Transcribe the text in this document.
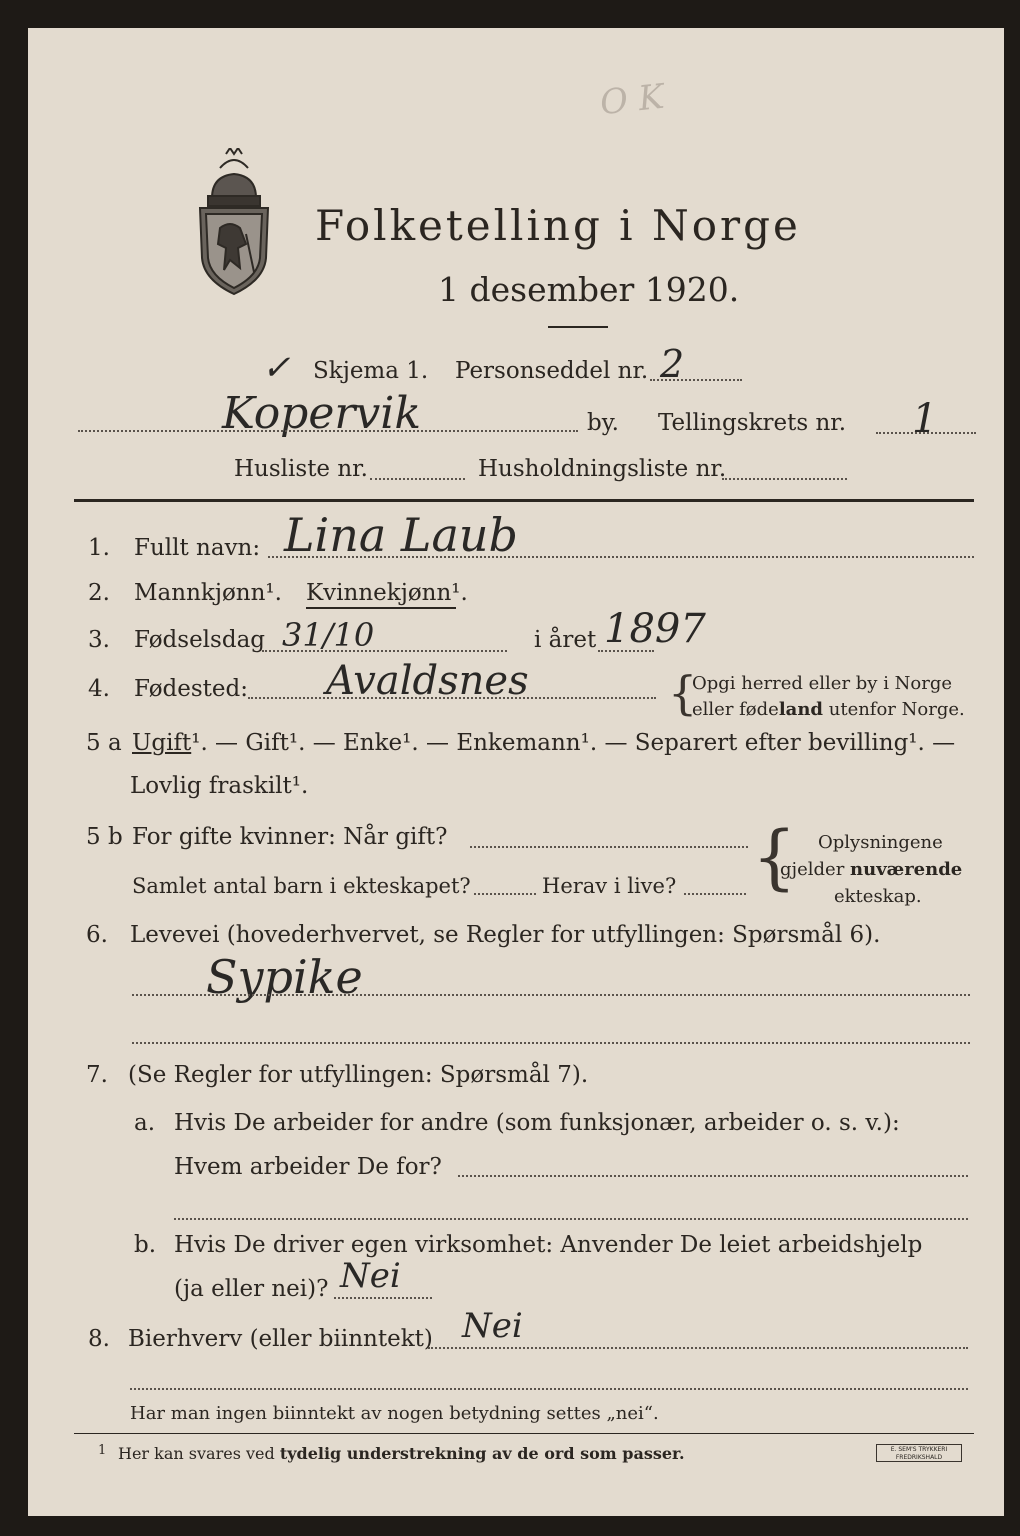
O K
Folketelling i Norge
1 desember 1920.
✓ Skjema 1. Personseddel nr. 2
Kopervik	by. Tellingskrets nr. 1
Husliste nr.	Husholdningsliste nr.
1. Fullt navn: Lina Laub
2. Mannkjønn¹. Kvinnekjønn¹.
3. Fødselsdag 31/10	i året 1897
4. Fødested: Avaldsnes	{
Opgi herred eller by i Norge
eller fødeland utenfor Norge.
5 a Ugift¹. — Gift¹. — Enke¹. — Enkemann¹. — Separert efter bevilling¹. —
Lovlig fraskilt¹.
5 b For gifte kvinner: Når gift?
Samlet antal barn i ekteskapet?	Herav i live? { Oplysningene
gjelder nuværende
ekteskap.
6. Levevei (hovederhvervet, se Regler for utfyllingen: Spørsmål 6).
Sypike
7. (Se Regler for utfyllingen: Spørsmål 7).
a. Hvis De arbeider for andre (som funksjonær, arbeider o. s. v.):
Hvem arbeider De for?
b. Hvis De driver egen virksomhet: Anvender De leiet arbeidshjelp
(ja eller nei)? Nei
8. Bierhverv (eller biinntekt) Nei
Har man ingen biinntekt av nogen betydning settes „nei“.
1 Her kan svares ved tydelig understrekning av de ord som passer.	E. SEM'S TRYKKERI
FREDRIKSHALD
